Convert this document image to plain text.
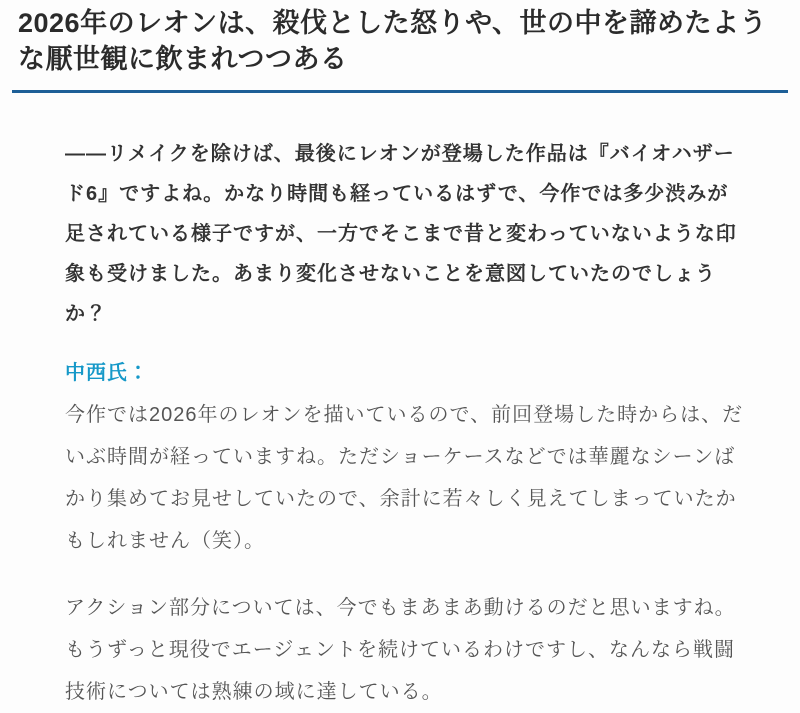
2026年のレオンは、殺伐とした怒りや、世の中を諦めたような厭世観に飲まれつつある

――リメイクを除けば、最後にレオンが登場した作品は『バイオハザード6』ですよね。かなり時間も経っているはずで、今作では多少渋みが足されている様子ですが、一方でそこまで昔と変わっていないような印象も受けました。あまり変化させないことを意図していたのでしょうか？

中西氏：

今作では2026年のレオンを描いているので、前回登場した時からは、だいぶ時間が経っていますね。ただショーケースなどでは華麗なシーンばかり集めてお見せしていたので、余計に若々しく見えてしまっていたかもしれません（笑）。

アクション部分については、今でもまあまあ動けるのだと思いますね。もうずっと現役でエージェントを続けているわけですし、なんなら戦闘技術については熟練の域に達している。
